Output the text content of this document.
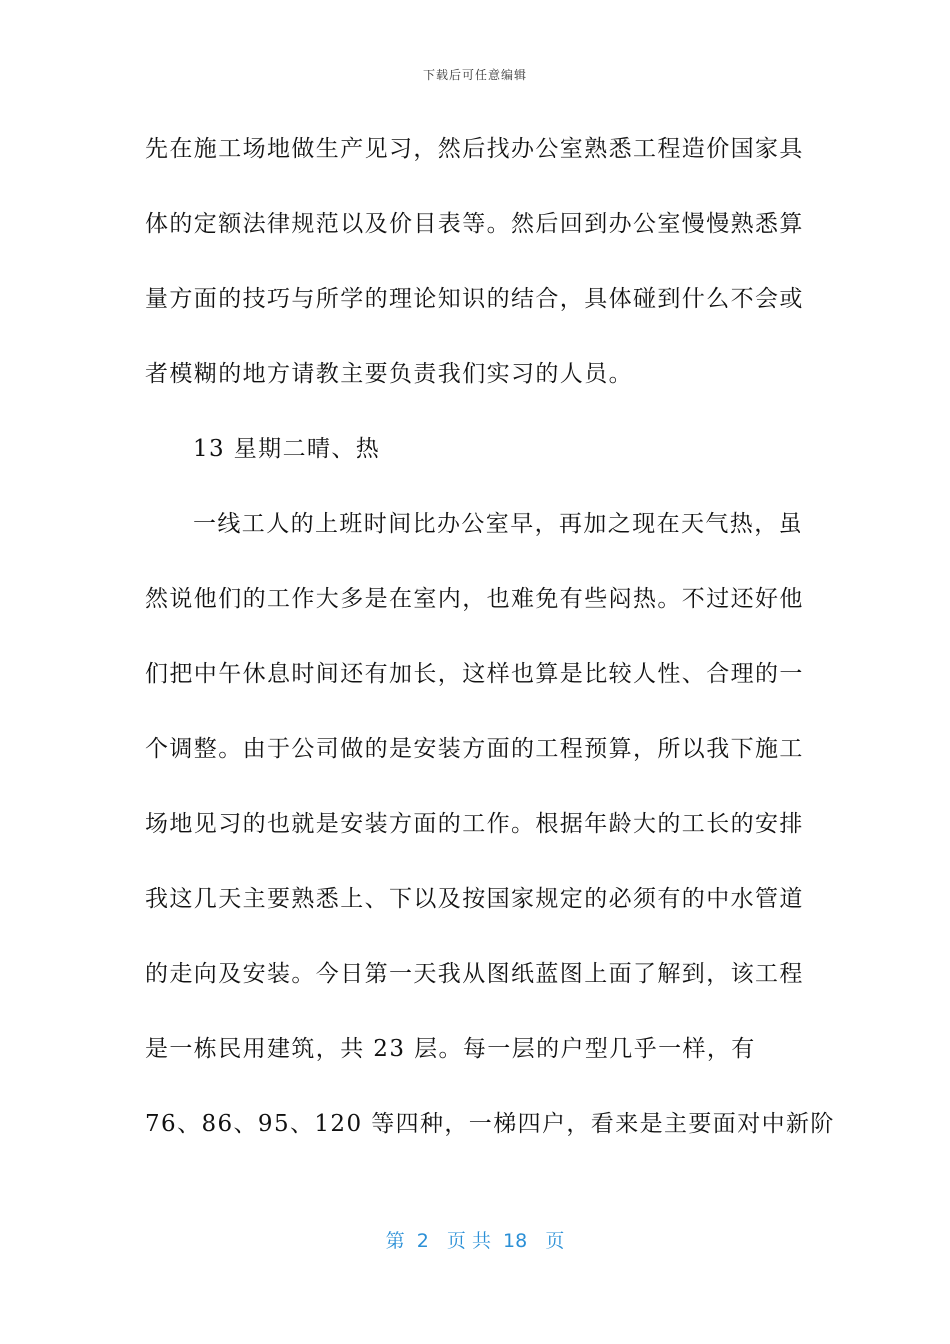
下载后可任意编辑
先在施工场地做生产见习，然后找办公室熟悉工程造价国家具
体的定额法律规范以及价目表等。然后回到办公室慢慢熟悉算
量方面的技巧与所学的理论知识的结合，具体碰到什么不会或
者模糊的地方请教主要负责我们实习的人员。
13 星期二晴、热
一线工人的上班时间比办公室早，再加之现在天气热，虽
然说他们的工作大多是在室内，也难免有些闷热。不过还好他
们把中午休息时间还有加长，这样也算是比较人性、合理的一
个调整。由于公司做的是安装方面的工程预算，所以我下施工
场地见习的也就是安装方面的工作。根据年龄大的工长的安排
我这几天主要熟悉上、下以及按国家规定的必须有的中水管道
的走向及安装。今日第一天我从图纸蓝图上面了解到，该工程
是一栋民用建筑，共 23 层。每一层的户型几乎一样，有
76、86、95、120 等四种，一梯四户，看来是主要面对中新阶
第  2   页 共  18   页
